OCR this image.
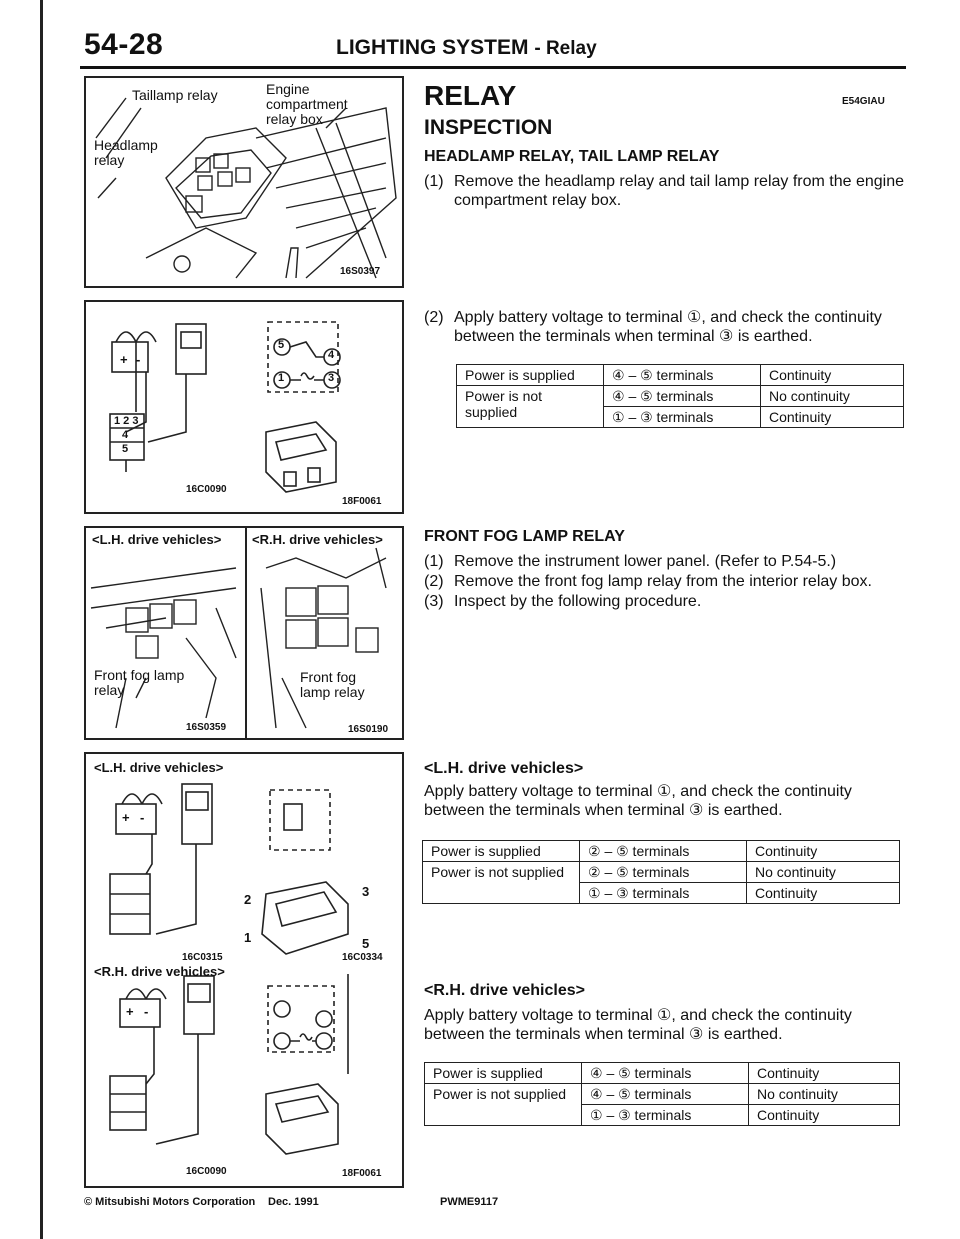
54-28	LIGHTING SYSTEM - Relay
Taillamp relay	Engine compartment relay box
Headlamp relay
16S0397
+ -
1 2 3
4
5
5
4
1	3
16C0090
18F0061
<L.H. drive vehicles> <R.H. drive vehicles>
Front fog lamp relay
Front fog lamp relay
16S0359	16S0190
<L.H. drive vehicles>
+ -
2
3
1	5
16C0315	16C0334
<R.H. drive vehicles>
+ -
16C0090	18F0061
RELAY	E54GIAU
INSPECTION
HEADLAMP RELAY, TAIL LAMP RELAY
(1) Remove the headlamp relay and tail lamp relay from the engine compartment relay box.
(2) Apply battery voltage to terminal ①, and check the continuity between the terminals when terminal ③ is earthed.
Power is supplied	④ – ⑤ terminals	Continuity
Power is not supplied	④ – ⑤ terminals	No continuity
	① – ③ terminals	Continuity
FRONT FOG LAMP RELAY
(1) Remove the instrument lower panel. (Refer to P.54-5.)
(2) Remove the front fog lamp relay from the interior relay box.
(3) Inspect by the following procedure.
<L.H. drive vehicles>
Apply battery voltage to terminal ①, and check the continuity between the terminals when terminal ③ is earthed.
Power is supplied	② – ⑤ terminals	Continuity
Power is not supplied	② – ⑤ terminals	No continuity
	① – ③ terminals	Continuity
<R.H. drive vehicles>
Apply battery voltage to terminal ①, and check the continuity between the terminals when terminal ③ is earthed.
Power is supplied	④ – ⑤ terminals	Continuity
Power is not supplied	④ – ⑤ terminals	No continuity
	① – ③ terminals	Continuity
© Mitsubishi Motors Corporation Dec. 1991	PWME9117
